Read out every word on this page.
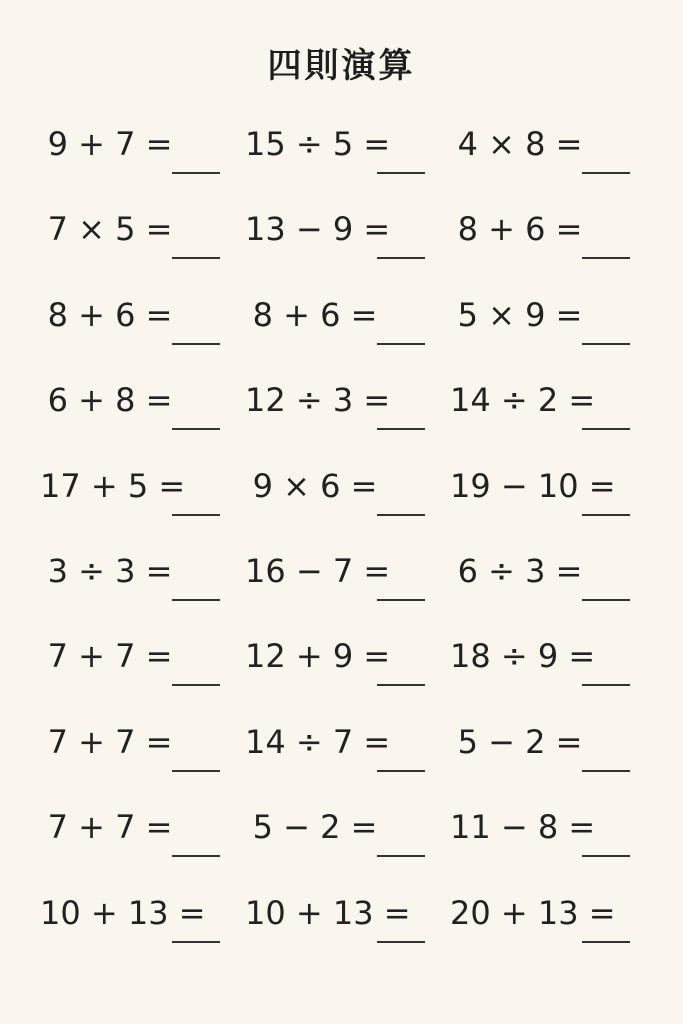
四則演算
9 + 7 = 15 ÷ 5 = 4 × 8 =
7 × 5 = 13 − 9 = 8 + 6 =
8 + 6 =	8 + 6 =	5 × 9 =
6 + 8 = 12 ÷ 3 = 14 ÷ 2 =
17 + 5 = 9 × 6 = 19 − 10 =
3 ÷ 3 = 16 − 7 = 6 ÷ 3 =
7 + 7 = 12 + 9 = 18 ÷ 9 =
7 + 7 = 14 ÷ 7 = 5 − 2 =
7 + 7 =	5 − 2 = 11 − 8 =
10 + 13 = 10 + 13 = 20 + 13 =
